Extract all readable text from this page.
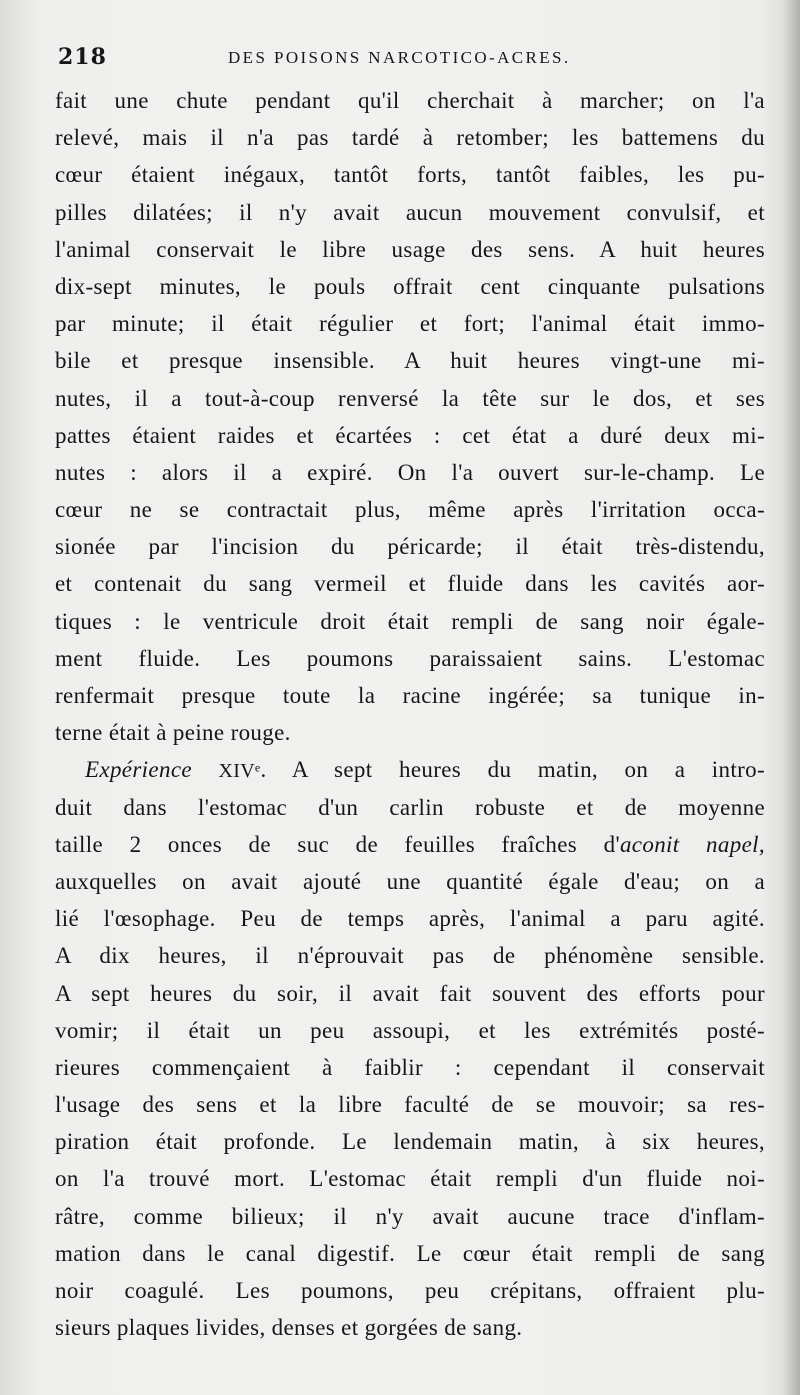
218	DES POISONS NARCOTICO-ACRES.
fait une chute pendant qu'il cherchait à marcher; on l'a
relevé, mais il n'a pas tardé à retomber; les battemens du
cœur étaient inégaux, tantôt forts, tantôt faibles, les pu-
pilles dilatées; il n'y avait aucun mouvement convulsif, et
l'animal conservait le libre usage des sens. A huit heures
dix-sept minutes, le pouls offrait cent cinquante pulsations
par minute; il était régulier et fort; l'animal était immo-
bile et presque insensible. A huit heures vingt-une mi-
nutes, il a tout-à-coup renversé la tête sur le dos, et ses
pattes étaient raides et écartées : cet état a duré deux mi-
nutes : alors il a expiré. On l'a ouvert sur-le-champ. Le
cœur ne se contractait plus, même après l'irritation occa-
sionée par l'incision du péricarde; il était très-distendu,
et contenait du sang vermeil et fluide dans les cavités aor-
tiques : le ventricule droit était rempli de sang noir égale-
ment fluide. Les poumons paraissaient sains. L'estomac
renfermait presque toute la racine ingérée; sa tunique in-
terne était à peine rouge.
Expérience XIVᵉ. A sept heures du matin, on a intro-
duit dans l'estomac d'un carlin robuste et de moyenne
taille 2 onces de suc de feuilles fraîches d'aconit napel,
auxquelles on avait ajouté une quantité égale d'eau; on a
lié l'œsophage. Peu de temps après, l'animal a paru agité.
A dix heures, il n'éprouvait pas de phénomène sensible.
A sept heures du soir, il avait fait souvent des efforts pour
vomir; il était un peu assoupi, et les extrémités posté-
rieures commençaient à faiblir : cependant il conservait
l'usage des sens et la libre faculté de se mouvoir; sa res-
piration était profonde. Le lendemain matin, à six heures,
on l'a trouvé mort. L'estomac était rempli d'un fluide noi-
râtre, comme bilieux; il n'y avait aucune trace d'inflam-
mation dans le canal digestif. Le cœur était rempli de sang
noir coagulé. Les poumons, peu crépitans, offraient plu-
sieurs plaques livides, denses et gorgées de sang.
